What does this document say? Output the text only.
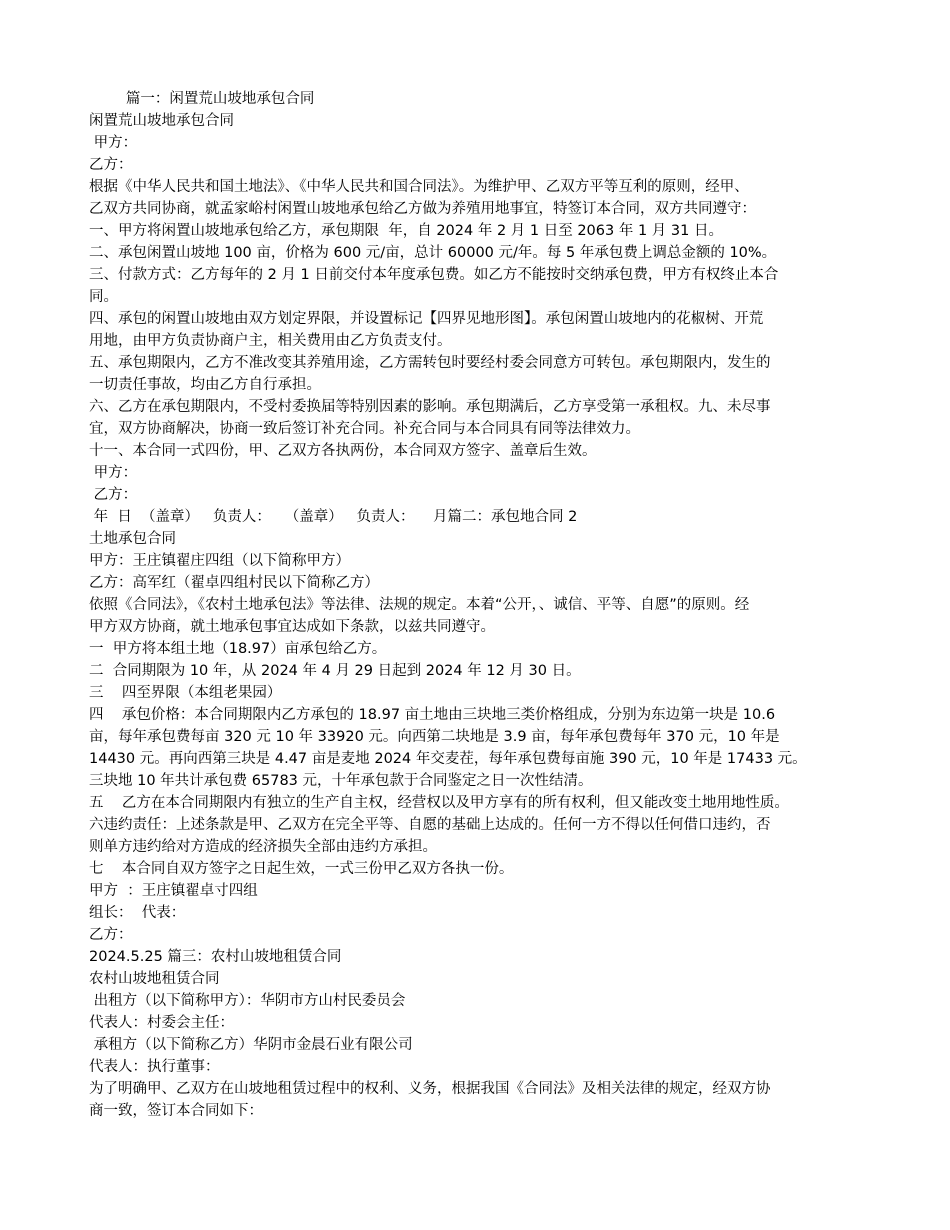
篇一：闲置荒山坡地承包合同

闲置荒山坡地承包合同

甲方：

乙方：

根据《中华人民共和国土地法》、《中华人民共和国合同法》。为维护甲、乙双方平等互利的原则，经甲、

乙双方共同协商，就孟家峪村闲置山坡地承包给乙方做为养殖用地事宜，特签订本合同，双方共同遵守：

一、甲方将闲置山坡地承包给乙方，承包期限  年，自 2024 年 2 月 1 日至 2063 年 1 月 31 日。

二、承包闲置山坡地 100 亩，价格为 600 元/亩，总计 60000 元/年。每 5 年承包费上调总金额的 10%。

三、付款方式：乙方每年的 2 月 1 日前交付本年度承包费。如乙方不能按时交纳承包费，甲方有权终止本合

同。

四、承包的闲置山坡地由双方划定界限，并设置标记【四界见地形图】。承包闲置山坡地内的花椒树、开荒

用地，由甲方负责协商户主，相关费用由乙方负责支付。

五、承包期限内，乙方不准改变其养殖用途，乙方需转包时要经村委会同意方可转包。承包期限内，发生的

一切责任事故，均由乙方自行承担。

六、乙方在承包期限内，不受村委换届等特别因素的影响。承包期满后，乙方享受第一承租权。九、未尽事

宜，双方协商解决，协商一致后签订补充合同。补充合同与本合同具有同等法律效力。

十一、本合同一式四份，甲、乙双方各执两份，本合同双方签字、盖章后生效。

甲方：

乙方：

年  日  （盖章）   负责人：   （盖章）   负责人：    月篇二：承包地合同 2

土地承包合同

甲方：王庄镇翟庄四组（以下简称甲方）

乙方：高军红（翟卓四组村民以下简称乙方）

依照《合同法》，《农村土地承包法》等法律、法规的规定。本着“公开，、诚信、平等、自愿”的原则。经

甲方双方协商，就土地承包事宜达成如下条款，以兹共同遵守。

一  甲方将本组土地（18.97）亩承包给乙方。

二  合同期限为 10 年，从 2024 年 4 月 29 日起到 2024 年 12 月 30 日。

三    四至界限（本组老果园）

四    承包价格：本合同期限内乙方承包的 18.97 亩土地由三块地三类价格组成，分别为东边第一块是 10.6

亩，每年承包费每亩 320 元 10 年 33920 元。向西第二块地是 3.9 亩，每年承包费每年 370 元，10 年是

14430 元。再向西第三块是 4.47 亩是麦地 2024 年交麦茬，每年承包费每亩施 390 元，10 年是 17433 元。

三块地 10 年共计承包费 65783 元，十年承包款于合同鉴定之日一次性结清。

五    乙方在本合同期限内有独立的生产自主权，经营权以及甲方享有的所有权利，但又能改变土地用地性质。

六违约责任：上述条款是甲、乙双方在完全平等、自愿的基础上达成的。任何一方不得以任何借口违约，否

则单方违约给对方造成的经济损失全部由违约方承担。

七    本合同自双方签字之日起生效，一式三份甲乙双方各执一份。

甲方  ：王庄镇翟卓寸四组

组长：  代表：

乙方：

2024.5.25 篇三：农村山坡地租赁合同

农村山坡地租赁合同

出租方（以下简称甲方）：华阴市方山村民委员会

代表人：村委会主任：

承租方（以下简称乙方）华阴市金晨石业有限公司

代表人：执行董事：

为了明确甲、乙双方在山坡地租赁过程中的权利、义务，根据我国《合同法》及相关法律的规定，经双方协

商一致，签订本合同如下：
